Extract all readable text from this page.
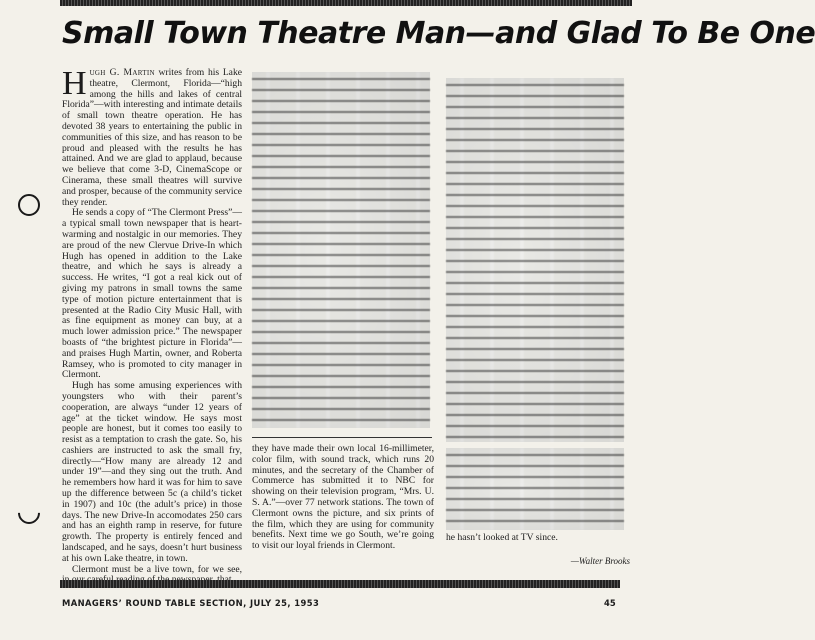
Small Town Theatre Man—and Glad To Be One

Hugh G. Martin writes from his Lake theatre, Clermont, Florida—“high among the hills and lakes of central Florida”—with interesting and intimate details of small town theatre operation. He has devoted 38 years to entertaining the public in communities of this size, and has reason to be proud and pleased with the results he has attained. And we are glad to applaud, because we believe that come 3-D, CinemaScope or Cinerama, these small theatres will survive and prosper, because of the community service they render.

He sends a copy of “The Clermont Press”—a typical small town newspaper that is heart-warming and nostalgic in our memories. They are proud of the new Clervue Drive-In which Hugh has opened in addition to the Lake theatre, and which he says is already a success. He writes, “I got a real kick out of giving my patrons in small towns the same type of motion picture entertainment that is presented at the Radio City Music Hall, with as fine equipment as money can buy, at a much lower admission price.” The newspaper boasts of “the brightest picture in Florida”—and praises Hugh Martin, owner, and Roberta Ramsey, who is promoted to city manager in Clermont.

Hugh has some amusing experiences with youngsters who with their parent’s cooperation, are always “under 12 years of age” at the ticket window. He says most people are honest, but it comes too easily to resist as a temptation to crash the gate. So, his cashiers are instructed to ask the small fry, directly—“How many are already 12 and under 19”—and they sing out the truth. And he remembers how hard it was for him to save up the difference between 5c (a child’s ticket in 1907) and 10c (the adult’s price) in those days. The new Drive-In accomodates 250 cars and has an eighth ramp in reserve, for future growth. The property is entirely fenced and landscaped, and he says, doesn’t hurt business at his own Lake theatre, in town.

Clermont must be a live town, for we see,

they have made their own local 16-millimeter, color film, with sound track, which runs 20 minutes, and the secretary of the Chamber of Commerce has submitted it to NBC for showing on their television program, “Mrs. U. S. A.”—over 77 network stations. The town of Clermont owns the picture, and six prints of the film, which they are using for community benefits. Next time we go South, we’re going to visit our loyal friends in Clermont.

he hasn’t looked at TV since.
—Walter Brooks
MANAGERS’ ROUND TABLE SECTION, JULY 25, 1953	45
